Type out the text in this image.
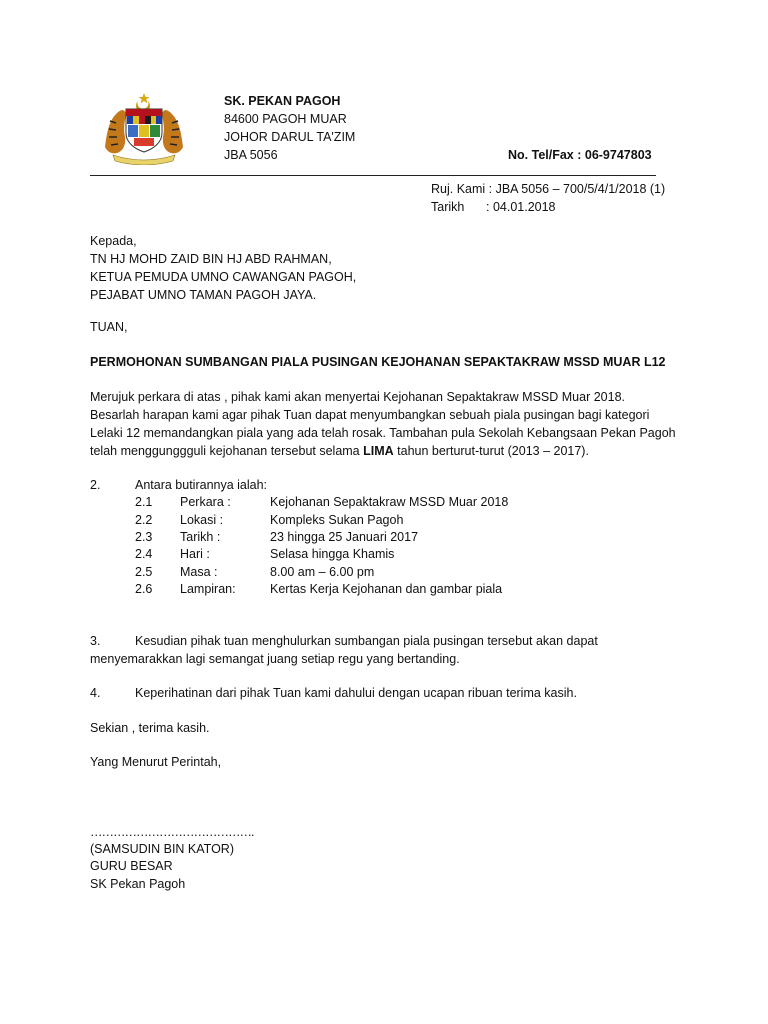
SK. PEKAN PAGOH
84600 PAGOH MUAR
JOHOR DARUL TA'ZIM
JBA 5056	No. Tel/Fax : 06-9747803
Ruj. Kami : JBA 5056 – 700/5/4/1/2018 (1)
Tarikh : 04.01.2018
Kepada,
TN HJ MOHD ZAID BIN HJ ABD RAHMAN,
KETUA PEMUDA UMNO CAWANGAN PAGOH,
PEJABAT UMNO TAMAN PAGOH JAYA.
TUAN,
PERMOHONAN SUMBANGAN PIALA PUSINGAN KEJOHANAN SEPAKTAKRAW MSSD MUAR L12
Merujuk perkara di atas , pihak kami akan menyertai Kejohanan Sepaktakraw MSSD Muar 2018.
Besarlah harapan kami agar pihak Tuan dapat menyumbangkan sebuah piala pusingan bagi kategori
Lelaki 12 memandangkan piala yang ada telah rosak. Tambahan pula Sekolah Kebangsaan Pekan Pagoh
telah menggunggguli kejohanan tersebut selama LIMA tahun berturut-turut (2013 – 2017).
2.	Antara butirannya ialah:
2.1 Perkara :	Kejohanan Sepaktakraw MSSD Muar 2018
2.2 Lokasi :	Kompleks Sukan Pagoh
2.3 Tarikh :	23 hingga 25 Januari 2017
2.4 Hari :	Selasa hingga Khamis
2.5 Masa :	8.00 am – 6.00 pm
2.6 Lampiran:	Kertas Kerja Kejohanan dan gambar piala
3.	Kesudian pihak tuan menghulurkan sumbangan piala pusingan tersebut akan dapat
menyemarakkan lagi semangat juang setiap regu yang bertanding.
4.	Keperihatinan dari pihak Tuan kami dahului dengan ucapan ribuan terima kasih.
Sekian , terima kasih.
Yang Menurut Perintah,
…………………………………….
(SAMSUDIN BIN KATOR)
GURU BESAR
SK Pekan Pagoh
